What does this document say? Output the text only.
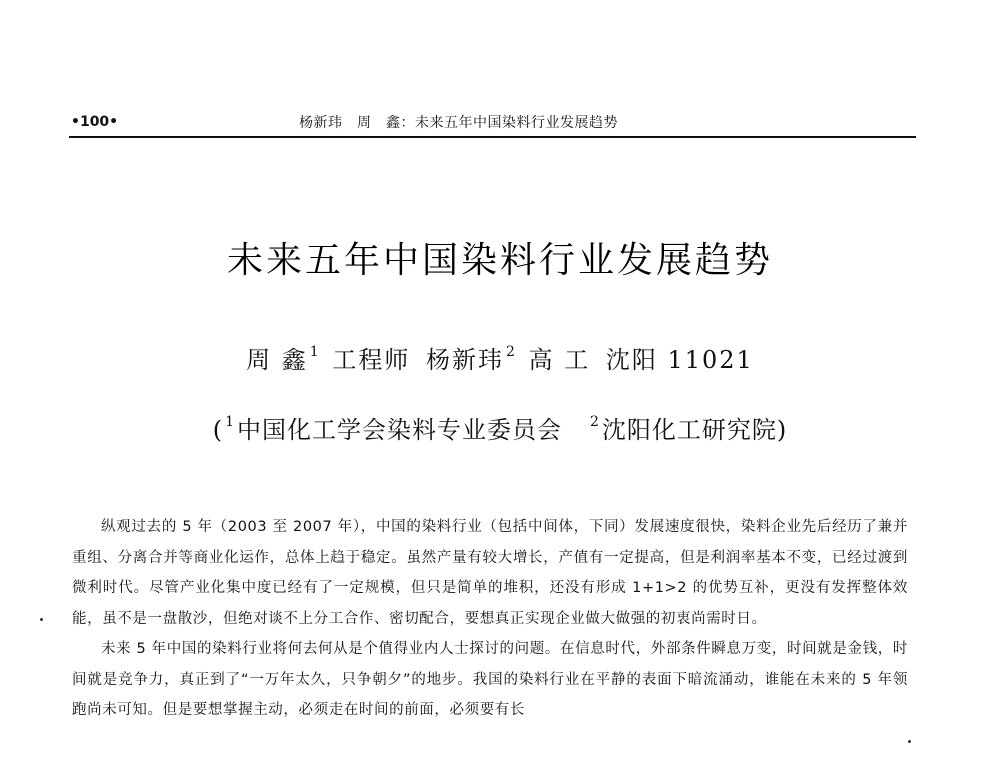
•100•	杨新玮　周　鑫：未来五年中国染料行业发展趋势
未来五年中国染料行业发展趋势
周 鑫 $^1$ 工程师 杨新玮 $^2$ 高 工 沈阳 11021
( $^1$中国化工学会染料专业委员会 $^2$沈阳化工研究院)

纵观过去的 5 年（2003 至 2007 年），中国的染料行业（包括中间体，下同）发展速度很快，染料企业先后经历了兼并重组、分离合并等商业化运作，总体上趋于稳定。虽然产量有较大增长，产值有一定提高，但是利润率基本不变，已经过渡到微利时代。尽管产业化集中度已经有了一定规模，但只是简单的堆积，还没有形成 1+1>2 的优势互补，更没有发挥整体效能，虽不是一盘散沙，但绝对谈不上分工合作、密切配合，要想真正实现企业做大做强的初衷尚需时日。

未来 5 年中国的染料行业将何去何从是个值得业内人士探讨的问题。在信息时代，外部条件瞬息万变，时间就是金钱，时间就是竞争力，真正到了“一万年太久，只争朝夕”的地步。我国的染料行业在平静的表面下暗流涌动，谁能在未来的 5 年领跑尚未可知。但是要想掌握主动，必须走在时间的前面，必须要有长
